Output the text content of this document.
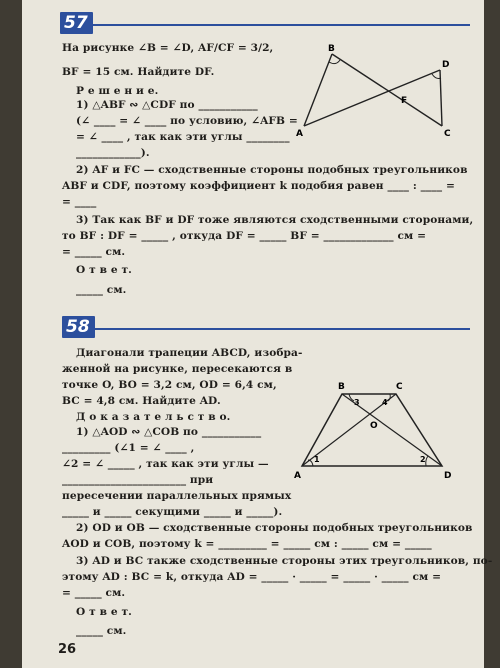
57
На рисунке ∠B = ∠D, AF/CF = 3/2,
BF = 15 см. Найдите DF.
Р е ш е н и е.
1) △ABF ∾ △CDF по ___________
(∠ ____ = ∠ ____ по условию, ∠AFB =
= ∠ ____ , так как эти углы ________
____________).
2) AF и FC — сходственные стороны подобных треугольников
ABF и CDF, поэтому коэффициент k подобия равен ____ : ____ =
= ____
3) Так как BF и DF тоже являются сходственными сторонами,
то BF : DF = _____ , откуда DF = _____ BF = _____________ см =
= _____ см.
О т в е т.
_____ см.
B
D
F
A	C
58
Диагонали трапеции ABCD, изобра-
женной на рисунке, пересекаются в
точке O, BO = 3,2 см, OD = 6,4 см,
BC = 4,8 см. Найдите AD.
Д о к а з а т е л ь с т в о.
1) △AOD ∾ △COB по ___________
_________ (∠1 = ∠ ____ ,
∠2 = ∠ _____ , так как эти углы —
_______________________ при
пересечении параллельных прямых
_____ и _____ секущими _____ и _____).
2) OD и OB — сходственные стороны подобных треугольников
AOD и COB, поэтому k = _________ = _____ см : _____ см = _____
3) AD и BC также сходственные стороны этих треугольников, по-
этому AD : BC = k, откуда AD = _____ · _____ = _____ · _____ см =
= _____ см.
О т в е т.
_____ см.
B	C
A	D
O
1	2
3	4
26
